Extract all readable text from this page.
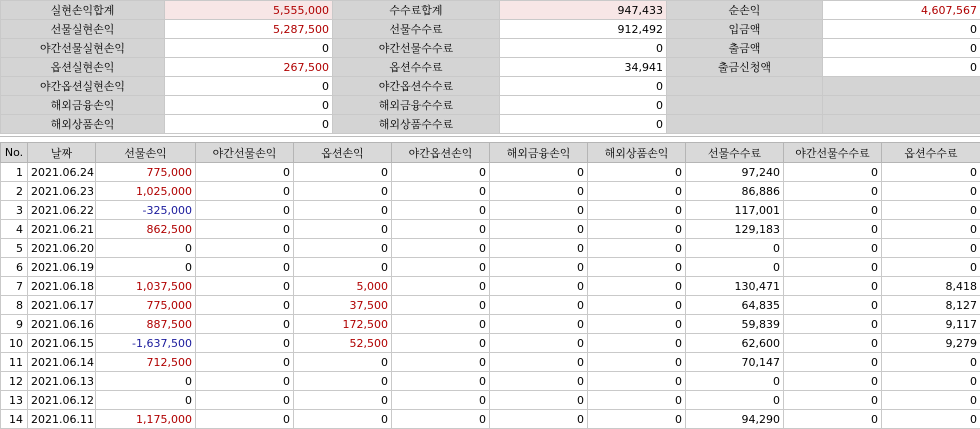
실현손익합계	5,555,000	수수료합계	947,433	순손익	4,607,567
선물실현손익	5,287,500	선물수수료	912,492	입금액	0
야간선물실현손익	0	야간선물수수료	0	출금액	0
옵션실현손익	267,500	옵션수수료	34,941	출금신청액	0
야간옵션실현손익	0	야간옵션수수료	0		
해외금융손익	0	해외금융수수료	0		
해외상품손익	0	해외상품수수료	0		
No.	날짜	선물손익	야간선물손익	옵션손익	야간옵션손익	해외금융손익	해외상품손익	선물수수료	야간선물수수료	옵션수수료
1	2021.06.24	775,000	0	0	0	0	0	97,240	0	0
2	2021.06.23	1,025,000	0	0	0	0	0	86,886	0	0
3	2021.06.22	-325,000	0	0	0	0	0	117,001	0	0
4	2021.06.21	862,500	0	0	0	0	0	129,183	0	0
5	2021.06.20	0	0	0	0	0	0	0	0	0
6	2021.06.19	0	0	0	0	0	0	0	0	0
7	2021.06.18	1,037,500	0	5,000	0	0	0	130,471	0	8,418
8	2021.06.17	775,000	0	37,500	0	0	0	64,835	0	8,127
9	2021.06.16	887,500	0	172,500	0	0	0	59,839	0	9,117
10	2021.06.15	-1,637,500	0	52,500	0	0	0	62,600	0	9,279
11	2021.06.14	712,500	0	0	0	0	0	70,147	0	0
12	2021.06.13	0	0	0	0	0	0	0	0	0
13	2021.06.12	0	0	0	0	0	0	0	0	0
14	2021.06.11	1,175,000	0	0	0	0	0	94,290	0	0
